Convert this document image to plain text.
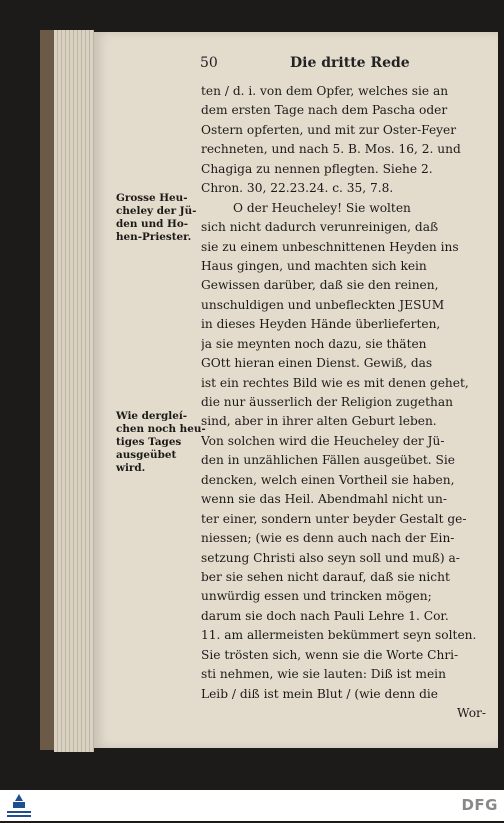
50	Die dritte Rede
ten / d. i. von dem Opfer, welches sie an
dem ersten Tage nach dem Pascha oder
Ostern opferten, und mit zur Oster-Feyer
rechneten, und nach 5. B. Mos. 16, 2. und
Chagiga zu nennen pflegten. Siehe 2.
Chron. 30, 22.23.24. c. 35, 7.8.
O der Heucheley! Sie wolten
sich nicht dadurch verunreinigen, daß
sie zu einem unbeschnittenen Heyden ins
Haus gingen, und machten sich kein
Gewissen darüber, daß sie den reinen,
unschuldigen und unbefleckten JESUM
in dieses Heyden Hände überlieferten,
ja sie meynten noch dazu, sie thäten
GOtt hieran einen Dienst. Gewiß, das
ist ein rechtes Bild wie es mit denen gehet,
die nur äusserlich der Religion zugethan
sind, aber in ihrer alten Geburt leben.
Von solchen wird die Heucheley der Jü-
den in unzählichen Fällen ausgeübet. Sie
dencken, welch einen Vortheil sie haben,
wenn sie das Heil. Abendmahl nicht un-
ter einer, sondern unter beyder Gestalt ge-
niessen; (wie es denn auch nach der Ein-
setzung Christi also seyn soll und muß) a-
ber sie sehen nicht darauf, daß sie nicht
unwürdig essen und trincken mögen;
darum sie doch nach Pauli Lehre 1. Cor.
11. am allermeisten bekümmert seyn solten.
Sie trösten sich, wenn sie die Worte Chri-
sti nehmen, wie sie lauten: Diß ist mein
Leib / diß ist mein Blut / (wie denn die
Wor-
Grosse Heu-
cheley der Jü-
den und Ho-
hen-Priester.
Wie dergleí-
chen noch heu-
tiges Tages
ausgeübet
wird.
DFG
